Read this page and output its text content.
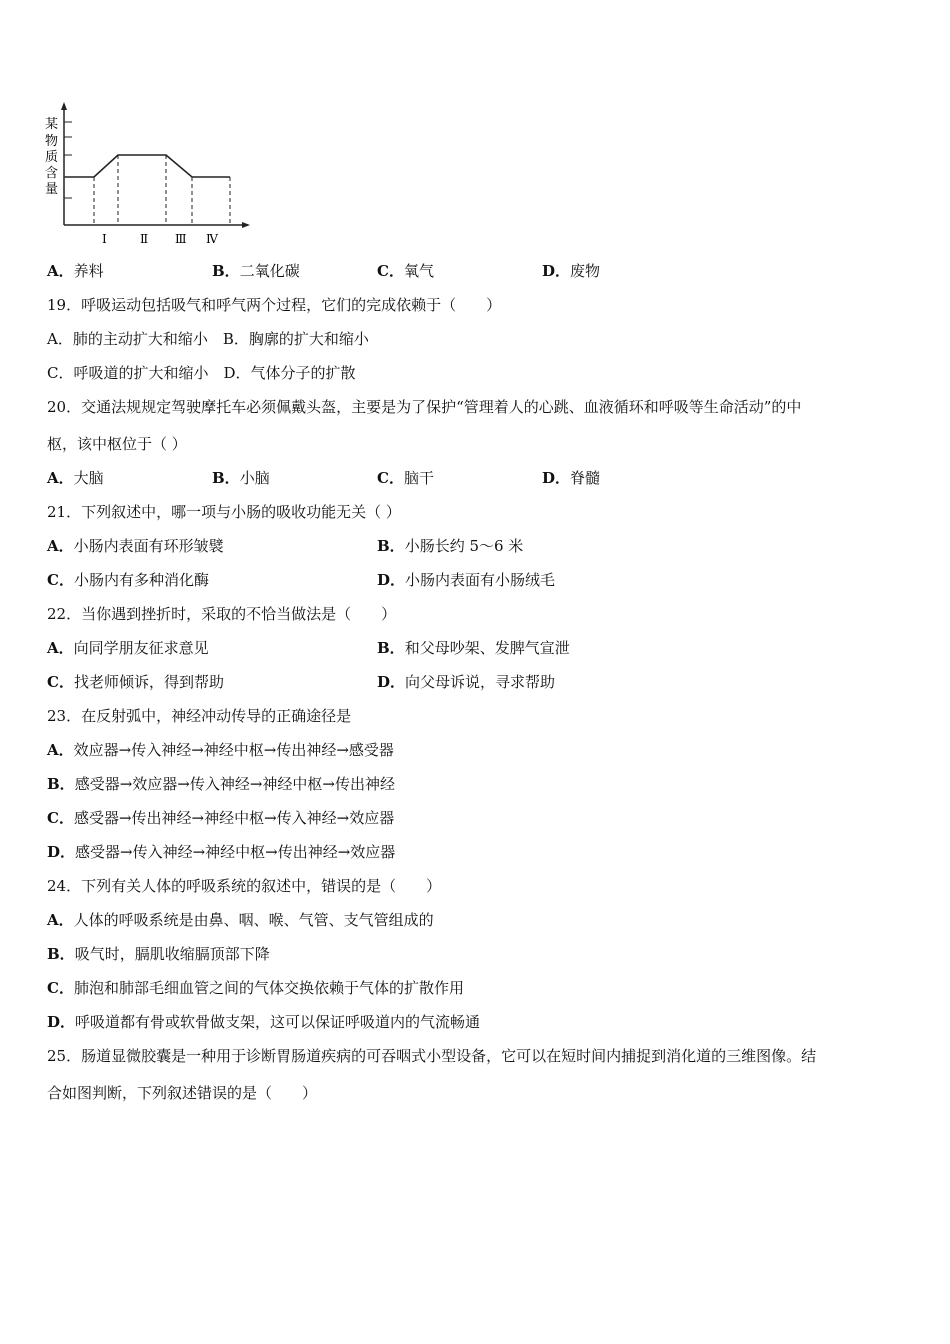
某
物
质
含
量
Ⅰ	Ⅱ Ⅲ Ⅳ
A．养料	B．二氧化碳	C．氧气	D．废物
19．呼吸运动包括吸气和呼气两个过程，它们的完成依赖于（　　）
A．肺的主动扩大和缩小　B．胸廓的扩大和缩小
C．呼吸道的扩大和缩小　D．气体分子的扩散
20．交通法规规定驾驶摩托车必须佩戴头盔，主要是为了保护“管理着人的心跳、血液循环和呼吸等生命活动”的中
枢，该中枢位于（ ）
A．大脑	B．小脑	C．脑干	D．脊髓
21．下列叙述中，哪一项与小肠的吸收功能无关（ ）
A．小肠内表面有环形皱襞	B．小肠长约 5～6 米
C．小肠内有多种消化酶	D．小肠内表面有小肠绒毛
22．当你遇到挫折时，采取的不恰当做法是（　　）
A．向同学朋友征求意见	B．和父母吵架、发脾气宣泄
C．找老师倾诉，得到帮助	D．向父母诉说，寻求帮助
23．在反射弧中，神经冲动传导的正确途径是
A．效应器→传入神经→神经中枢→传出神经→感受器
B．感受器→效应器→传入神经→神经中枢→传出神经
C．感受器→传出神经→神经中枢→传入神经→效应器
D．感受器→传入神经→神经中枢→传出神经→效应器
24．下列有关人体的呼吸系统的叙述中，错误的是（　　）
A．人体的呼吸系统是由鼻、咽、喉、气管、支气管组成的
B．吸气时，膈肌收缩膈顶部下降
C．肺泡和肺部毛细血管之间的气体交换依赖于气体的扩散作用
D．呼吸道都有骨或软骨做支架，这可以保证呼吸道内的气流畅通
25．肠道显微胶囊是一种用于诊断胃肠道疾病的可吞咽式小型设备，它可以在短时间内捕捉到消化道的三维图像。结
合如图判断，下列叙述错误的是（　　）
